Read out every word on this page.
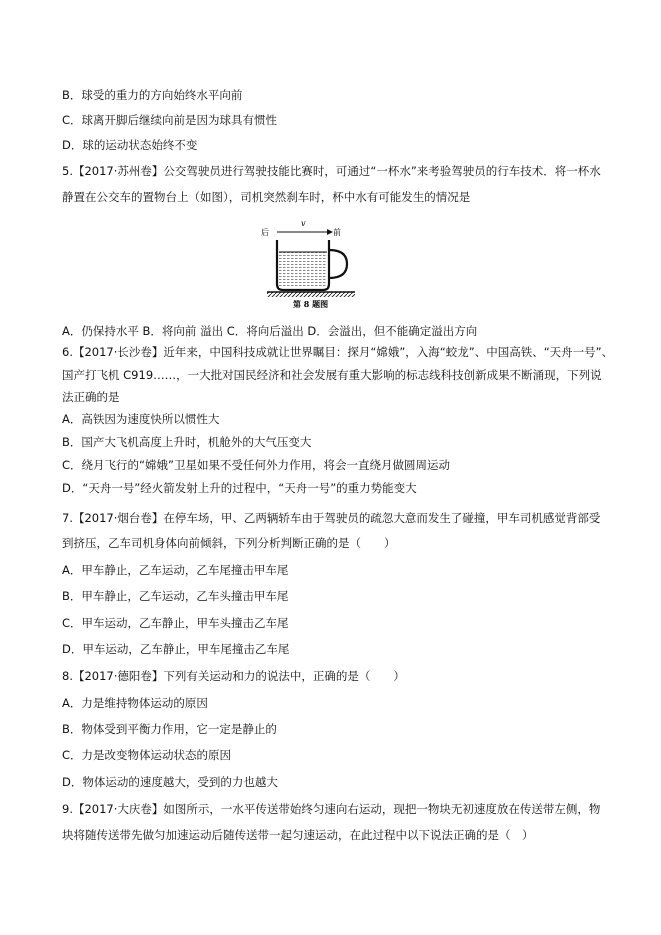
B．球受的重力的方向始终水平向前
C．球离开脚后继续向前是因为球具有惯性
D．球的运动状态始终不变
5.【2017·苏州卷】公交驾驶员进行驾驶技能比赛时，可通过“一杯水”来考验驾驶员的行车技术．将一杯水
静置在公交车的置物台上（如图），司机突然刹车时，杯中水有可能发生的情况是
后	前
v
第 8 题图
A．仍保持水平 B．将向前 溢出 C．将向后溢出 D．会溢出，但不能确定溢出方向
6.【2017·长沙卷】近年来，中国科技成就让世界瞩目：探月“嫦娥”，入海“蛟龙”、中国高铁、“天舟一号”、
国产打飞机 C919……，一大批对国民经济和社会发展有重大影响的标志线科技创新成果不断涌现，下列说
法正确的是
A．高铁因为速度快所以惯性大
B．国产大飞机高度上升时，机舱外的大气压变大
C．绕月飞行的“嫦娥”卫星如果不受任何外力作用，将会一直绕月做圆周运动
D．“天舟一号”经火箭发射上升的过程中，“天舟一号”的重力势能变大
7.【2017·烟台卷】在停车场，甲、乙两辆轿车由于驾驶员的疏忽大意而发生了碰撞，甲车司机感觉背部受
到挤压，乙车司机身体向前倾斜，下列分析判断正确的是（　　）
A．甲车静止，乙车运动，乙车尾撞击甲车尾
B．甲车静止，乙车运动，乙车头撞击甲车尾
C．甲车运动，乙车静止，甲车头撞击乙车尾
D．甲车运动，乙车静止，甲车尾撞击乙车尾
8.【2017·德阳卷】下列有关运动和力的说法中，正确的是（　　）
A．力是维持物体运动的原因
B．物体受到平衡力作用，它一定是静止的
C．力是改变物体运动状态的原因
D．物体运动的速度越大，受到的力也越大
9.【2017·大庆卷】如图所示，一水平传送带始终匀速向右运动，现把一物块无初速度放在传送带左侧，物
块将随传送带先做匀加速运动后随传送带一起匀速运动，在此过程中以下说法正确的是（　）
